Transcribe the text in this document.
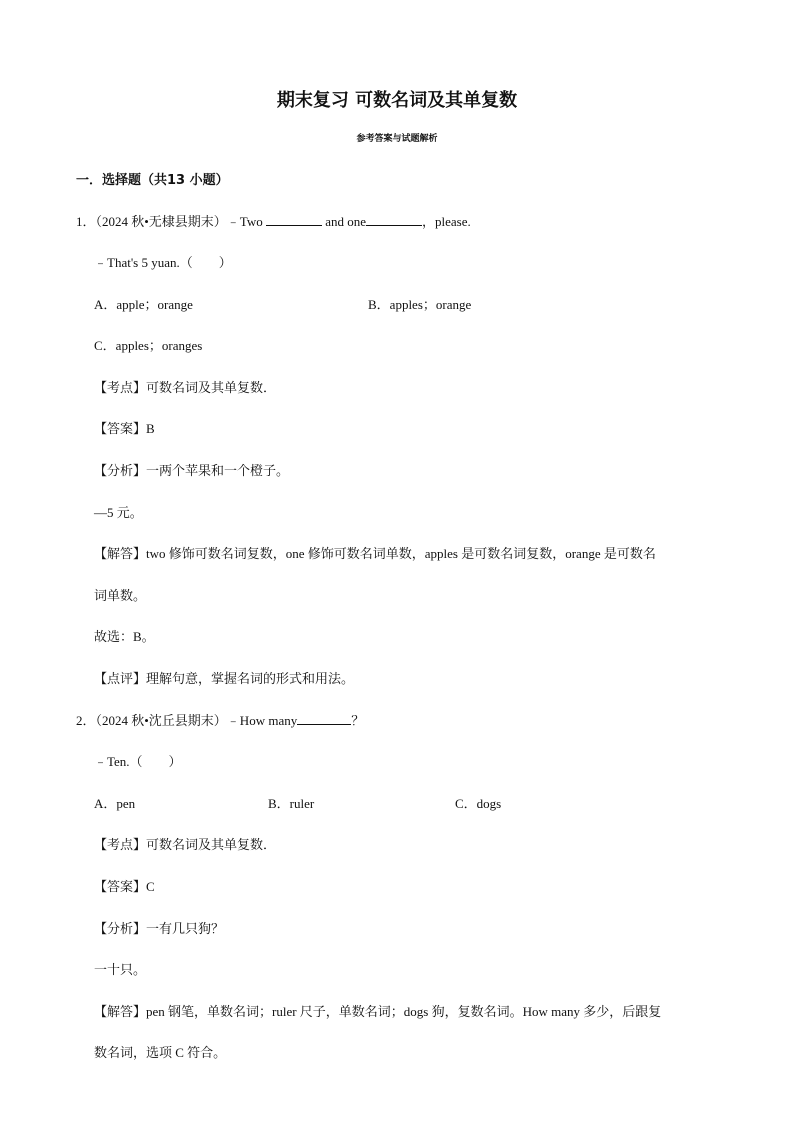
期末复习 可数名词及其单复数
参考答案与试题解析
一．选择题（共13 小题）
1．（2024 秋•无棣县期末）﹣Two	and one	，please.
﹣That's 5 yuan.（　　）
A．apple；orange	B．apples；orange
C．apples；oranges
【考点】可数名词及其单复数．
【答案】B
【分析】一两个苹果和一个橙子。
—5 元。
【解答】two 修饰可数名词复数，one 修饰可数名词单数，apples 是可数名词复数，orange 是可数名
词单数。
故选：B。
【点评】理解句意，掌握名词的形式和用法。
2．（2024 秋•沈丘县期末）﹣How many	？
﹣Ten.（　　）
A．pen	B．ruler	C．dogs
【考点】可数名词及其单复数．
【答案】C
【分析】一有几只狗？
一十只。
【解答】pen 钢笔，单数名词；ruler 尺子，单数名词；dogs 狗，复数名词。How many 多少，后跟复
数名词，选项 C 符合。
